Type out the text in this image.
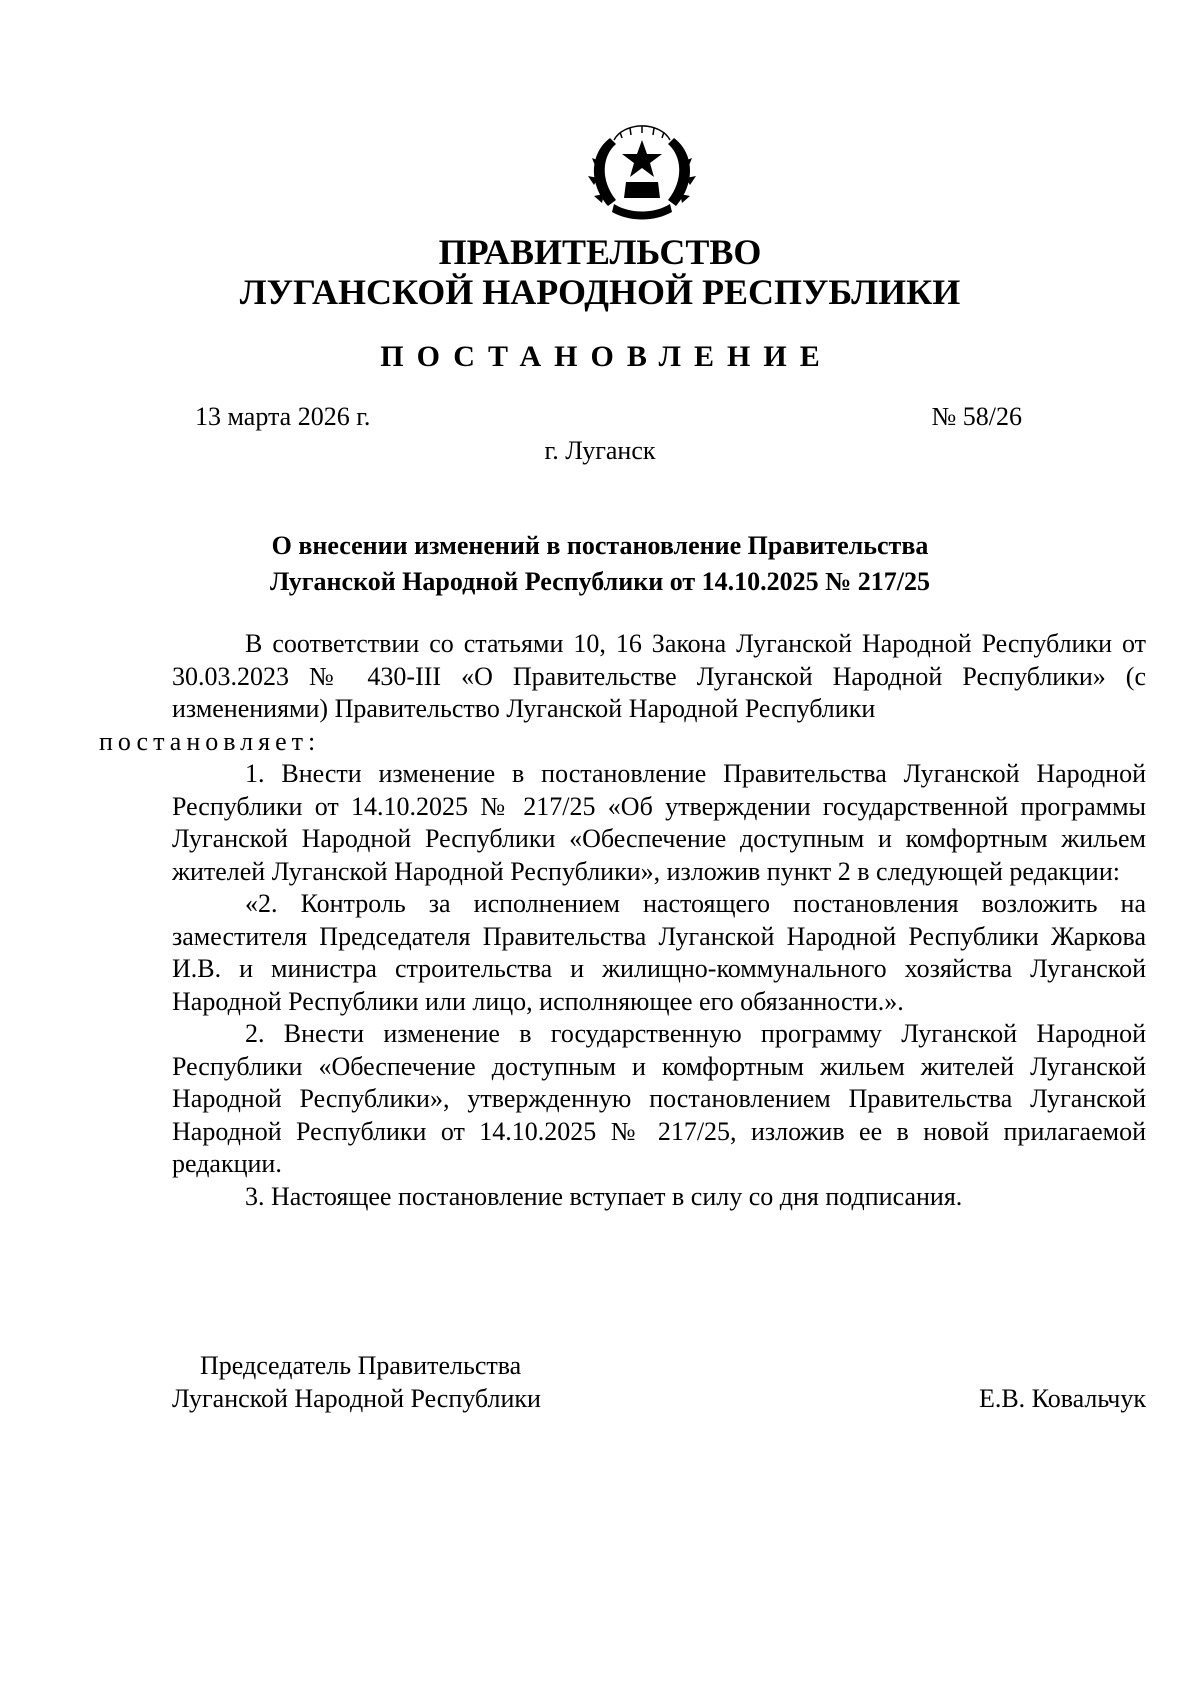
ПРАВИТЕЛЬСТВО
ЛУГАНСКОЙ НАРОДНОЙ РЕСПУБЛИКИ
ПОСТАНОВЛЕНИЕ
13 марта 2026 г.	№ 58/26
г. Луганск
О внесении изменений в постановление Правительства
Луганской Народной Республики от 14.10.2025 № 217/25

В соответствии со статьями 10, 16 Закона Луганской Народной Республики от 30.03.2023 № 430-III «О Правительстве Луганской Народной Республики» (с изменениями) Правительство Луганской Народной Республики
постановляет:

1. Внести изменение в постановление Правительства Луганской Народной Республики от 14.10.2025 № 217/25 «Об утверждении государственной программы Луганской Народной Республики «Обеспечение доступным и комфортным жильем жителей Луганской Народной Республики», изложив пункт 2 в следующей редакции:

«2. Контроль за исполнением настоящего постановления возложить на заместителя Председателя Правительства Луганской Народной Республики Жаркова И.В. и министра строительства и жилищно-коммунального хозяйства Луганской Народной Республики или лицо, исполняющее его обязанности.».

2. Внести изменение в государственную программу Луганской Народной Республики «Обеспечение доступным и комфортным жильем жителей Луганской Народной Республики», утвержденную постановлением Правительства Луганской Народной Республики от 14.10.2025 № 217/25, изложив ее в новой прилагаемой редакции.

3. Настоящее постановление вступает в силу со дня подписания.

Председатель Правительства
Луганской Народной Республики	Е.В. Ковальчук
